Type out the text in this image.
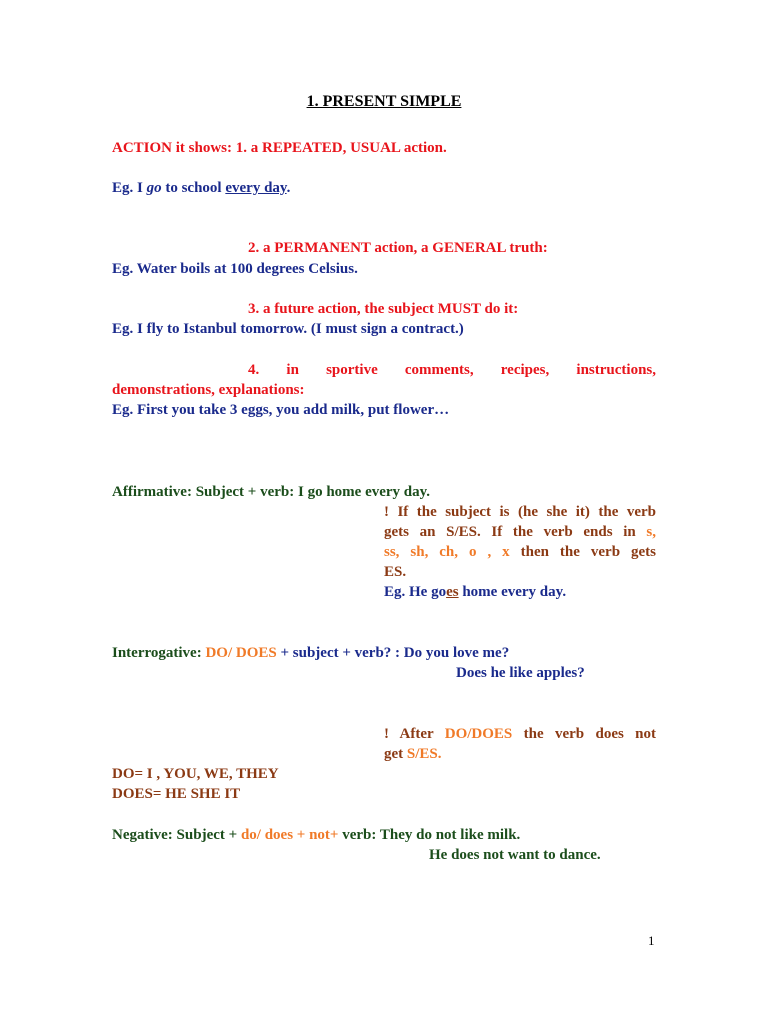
1. PRESENT SIMPLE
ACTION it shows: 1. a REPEATED, USUAL action.
Eg. I go to school every day.
2. a PERMANENT action, a GENERAL truth:
Eg. Water boils at 100 degrees Celsius.
3. a future action, the subject MUST do it:
Eg. I fly to Istanbul tomorrow. (I must sign a contract.)
4. in sportive comments, recipes, instructions,
demonstrations, explanations:
Eg. First you take 3 eggs, you add milk, put flower…
Affirmative: Subject + verb: I go home every day.
! If the subject is (he she it) the verb
gets an S/ES. If the verb ends in s,
ss, sh, ch, o , x then the verb gets
ES.
Eg. He goes home every day.
Interrogative: DO/ DOES + subject + verb? : Do you love me?
Does he like apples?
! After DO/DOES the verb does not
get S/ES.
DO= I , YOU, WE, THEY
DOES= HE SHE IT
Negative: Subject + do/ does + not+ verb: They do not like milk.
He does not want to dance.
1
